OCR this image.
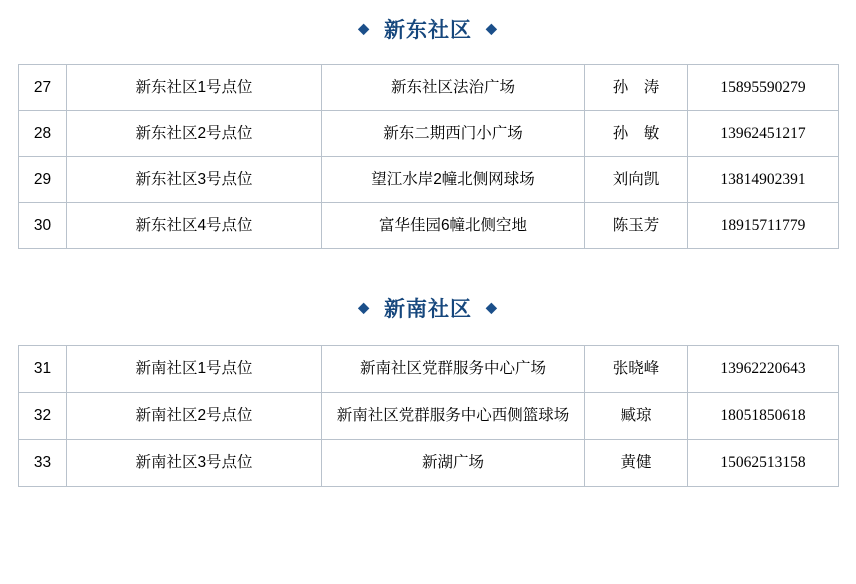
◆ 新东社区 ◆
27	新东社区1号点位	新东社区法治广场	孙　涛	15895590279
28	新东社区2号点位	新东二期西门小广场	孙　敏	13962451217
29	新东社区3号点位	望江水岸2幢北侧网球场	刘向凯	13814902391
30	新东社区4号点位	富华佳园6幢北侧空地	陈玉芳	18915711779
◆ 新南社区 ◆
31	新南社区1号点位	新南社区党群服务中心广场	张晓峰	13962220643
32	新南社区2号点位	新南社区党群服务中心西侧篮球场	臧琼	18051850618
33	新南社区3号点位	新湖广场	黄健	15062513158
